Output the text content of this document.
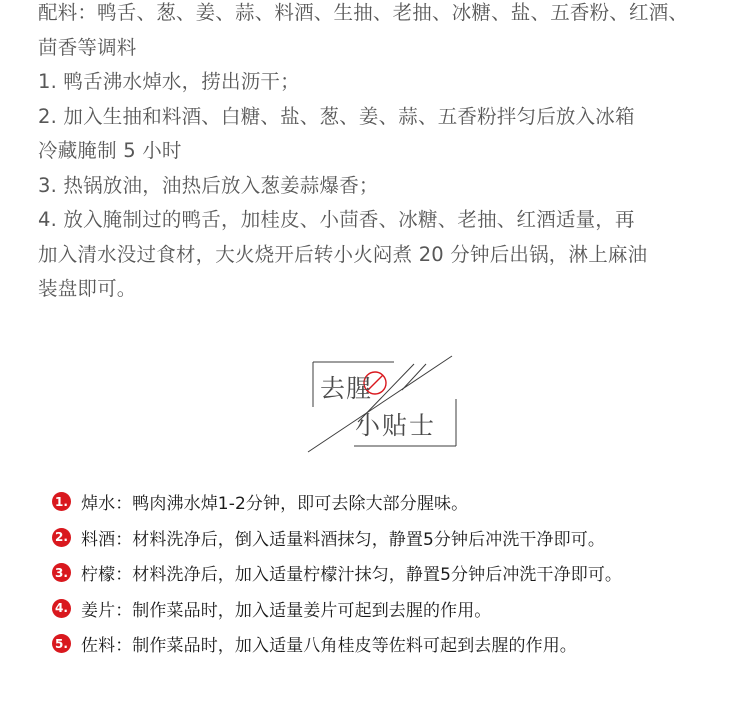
配料：鸭舌、葱、姜、蒜、料酒、生抽、老抽、冰糖、盐、五香粉、红酒、

茴香等调料

1. 鸭舌沸水焯水，捞出沥干；

2. 加入生抽和料酒、白糖、盐、葱、姜、蒜、五香粉拌匀后放入冰箱

冷藏腌制 5 小时

3. 热锅放油，油热后放入葱姜蒜爆香；

4. 放入腌制过的鸭舌，加桂皮、小茴香、冰糖、老抽、红酒适量，再

加入清水没过食材，大火烧开后转小火闷煮 20 分钟后出锅，淋上麻油

装盘即可。

去腥
小贴士
1. 焯水：鸭肉沸水焯1-2分钟，即可去除大部分腥味。
2. 料酒：材料洗净后，倒入适量料酒抹匀，静置5分钟后冲洗干净即可。
3. 柠檬：材料洗净后，加入适量柠檬汁抹匀，静置5分钟后冲洗干净即可。
4. 姜片：制作菜品时，加入适量姜片可起到去腥的作用。
5. 佐料：制作菜品时，加入适量八角桂皮等佐料可起到去腥的作用。
